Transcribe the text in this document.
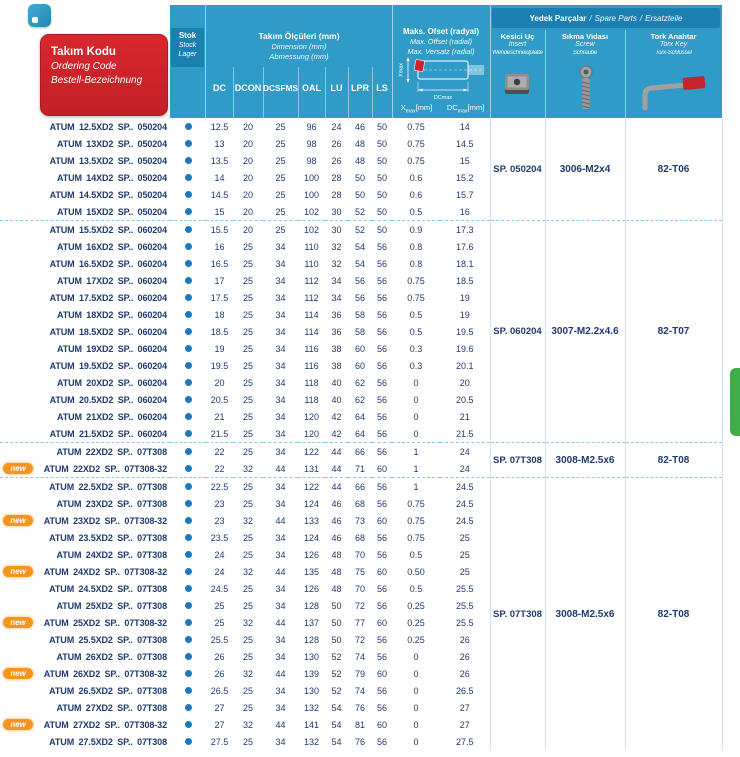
Stok
Stock
Lager
Takım Ölçüleri (mm)
Dimension (mm)
Abmessung (mm)
DC DCON DCSFMS OAL	LU LPR LS
Maks. Ofset (radyal)
Max. Offset (radial)
Max. Versatz (radial)
Xmax
DCmax
$X_{max}[mm]$	$DC_{max}[mm]$
Yedek Parçalar / Spare Parts / Ersatzteile
Kesici Uç
Insert
Wendeschneidplatte
Sıkma Vidası
Screw
Schraube
Tork Anahtar
Torx Key
Torx-Schlüssel
Takım Kodu
Ordering Code
Bestell-Bezeichnung
ATUM 12.5XD2 SP.. 050204		12.5	20	25	96	24	46	50	0.75	14	SP. 050204	3006-M2x4	82-T06
ATUM 13XD2 SP.. 050204		13	20	25	98	26	48	50	0.75	14.5			
ATUM 13.5XD2 SP.. 050204		13.5	20	25	98	26	48	50	0.75	15			
ATUM 14XD2 SP.. 050204		14	20	25	100	28	50	50	0.6	15.2			
ATUM 14.5XD2 SP.. 050204		14.5	20	25	100	28	50	50	0.6	15.7			
ATUM 15XD2 SP.. 050204		15	20	25	102	30	52	50	0.5	16			
ATUM 15.5XD2 SP.. 060204		15.5	20	25	102	30	52	50	0.9	17.3	SP. 060204	3007-M2.2x4.6	82-T07
ATUM 16XD2 SP.. 060204		16	25	34	110	32	54	56	0.8	17.6			
ATUM 16.5XD2 SP.. 060204		16.5	25	34	110	32	54	56	0.8	18.1			
ATUM 17XD2 SP.. 060204		17	25	34	112	34	56	56	0.75	18.5			
ATUM 17.5XD2 SP.. 060204		17.5	25	34	112	34	56	56	0.75	19			
ATUM 18XD2 SP.. 060204		18	25	34	114	36	58	56	0.5	19			
ATUM 18.5XD2 SP.. 060204		18.5	25	34	114	36	58	56	0.5	19.5			
ATUM 19XD2 SP.. 060204		19	25	34	116	38	60	56	0.3	19.6			
ATUM 19.5XD2 SP.. 060204		19.5	25	34	116	38	60	56	0.3	20.1			
ATUM 20XD2 SP.. 060204		20	25	34	118	40	62	56	0	20			
ATUM 20.5XD2 SP.. 060204		20.5	25	34	118	40	62	56	0	20.5			
ATUM 21XD2 SP.. 060204		21	25	34	120	42	64	56	0	21			
ATUM 21.5XD2 SP.. 060204		21.5	25	34	120	42	64	56	0	21.5			
ATUM 22XD2 SP.. 07T308		22	25	34	122	44	66	56	1	24	SP. 07T308	3008-M2.5x6	82-T08

new ATUM 22XD2 SP.. 07T308-32		22	32	44	131	44	71	60	1	24			
ATUM 22.5XD2 SP.. 07T308		22.5	25	34	122	44	66	56	1	24.5	SP. 07T308	3008-M2.5x6	82-T08
ATUM 23XD2 SP.. 07T308		23	25	34	124	46	68	56	0.75	24.5			

new ATUM 23XD2 SP.. 07T308-32		23	32	44	133	46	73	60	0.75	24.5			
ATUM 23.5XD2 SP.. 07T308		23.5	25	34	124	46	68	56	0.75	25			
ATUM 24XD2 SP.. 07T308		24	25	34	126	48	70	56	0.5	25			

new ATUM 24XD2 SP.. 07T308-32		24	32	44	135	48	75	60	0.50	25			
ATUM 24.5XD2 SP.. 07T308		24.5	25	34	126	48	70	56	0.5	25.5			
ATUM 25XD2 SP.. 07T308		25	25	34	128	50	72	56	0.25	25.5			

new ATUM 25XD2 SP.. 07T308-32		25	32	44	137	50	77	60	0.25	25.5			
ATUM 25.5XD2 SP.. 07T308		25.5	25	34	128	50	72	56	0.25	26			
ATUM 26XD2 SP.. 07T308		26	25	34	130	52	74	56	0	26			

new ATUM 26XD2 SP.. 07T308-32		26	32	44	139	52	79	60	0	26			
ATUM 26.5XD2 SP.. 07T308		26.5	25	34	130	52	74	56	0	26.5			
ATUM 27XD2 SP.. 07T308		27	25	34	132	54	76	56	0	27			

new ATUM 27XD2 SP.. 07T308-32		27	32	44	141	54	81	60	0	27			
ATUM 27.5XD2 SP.. 07T308		27.5	25	34	132	54	76	56	0	27.5			
